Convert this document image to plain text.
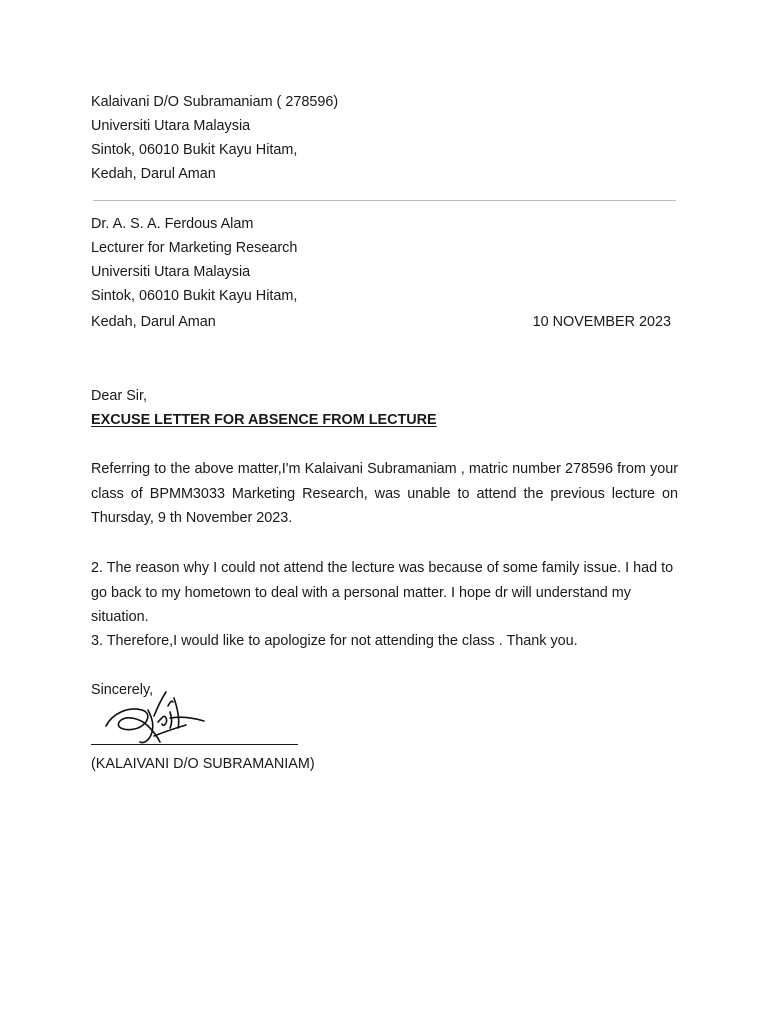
Kalaivani D/O Subramaniam ( 278596)
Universiti Utara Malaysia
Sintok, 06010 Bukit Kayu Hitam,
Kedah, Darul Aman
Dr. A. S. A. Ferdous Alam
Lecturer for Marketing Research
Universiti Utara Malaysia
Sintok, 06010 Bukit Kayu Hitam,
Kedah, Darul Aman	10 NOVEMBER 2023
Dear Sir,
EXCUSE LETTER FOR ABSENCE FROM LECTURE
Referring to the above matter,I'm Kalaivani Subramaniam , matric number 278596 from your class of BPMM3033 Marketing Research, was unable to attend the previous lecture on Thursday, 9 th November 2023.
2. The reason why I could not attend the lecture was because of some family issue. I had to go back to my hometown to deal with a personal matter. I hope dr will understand my situation.
3. Therefore,I would like to apologize for not attending the class . Thank you.
Sincerely,
(KALAIVANI D/O SUBRAMANIAM)
